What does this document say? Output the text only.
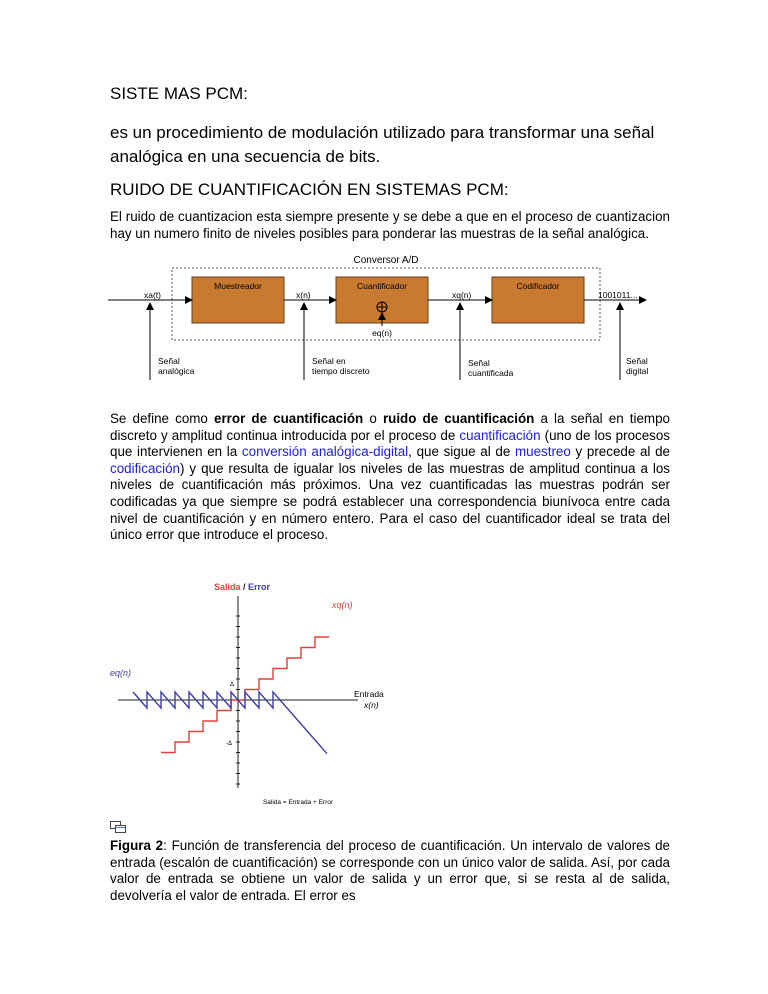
SISTE MAS PCM:
es un procedimiento de modulación utilizado para transformar una señal analógica en una secuencia de bits.
RUIDO DE CUANTIFICACIÓN EN SISTEMAS PCM:
El ruido de cuantizacion esta siempre presente y se debe a que en el proceso de cuantizacion hay un numero finito de niveles posibles para ponderar las muestras de la señal analógica.
Conversor A/D
Muestreador	Cuantificador
eq(n)
Codificador
xa(t)	x(n)	xq(n)	1001011...
Señal
analógica
Señal en
tiempo discreto
Señal
cuantificada
Señal
digital
Se define como error de cuantificación o ruido de cuantificación a la señal en tiempo discreto y amplitud continua introducida por el proceso de cuantificación (uno de los procesos que intervienen en la conversión analógica-digital, que sigue al de muestreo y precede al de codificación) y que resulta de igualar los niveles de las muestras de amplitud continua a los niveles de cuantificación más próximos. Una vez cuantificadas las muestras podrán ser codificadas ya que siempre se podrá establecer una correspondencia biunívoca entre cada nivel de cuantificación y en número entero. Para el caso del cuantificador ideal se trata del único error que introduce el proceso.
Salida / Error
xq(n)
eq(n)
Entrada
x(n)
Δ
-Δ
Salida = Entrada + Error
Figura 2: Función de transferencia del proceso de cuantificación. Un intervalo de valores de entrada (escalón de cuantificación) se corresponde con un único valor de salida. Así, por cada valor de entrada se obtiene un valor de salida y un error que, si se resta al de salida, devolvería el valor de entrada. El error es
